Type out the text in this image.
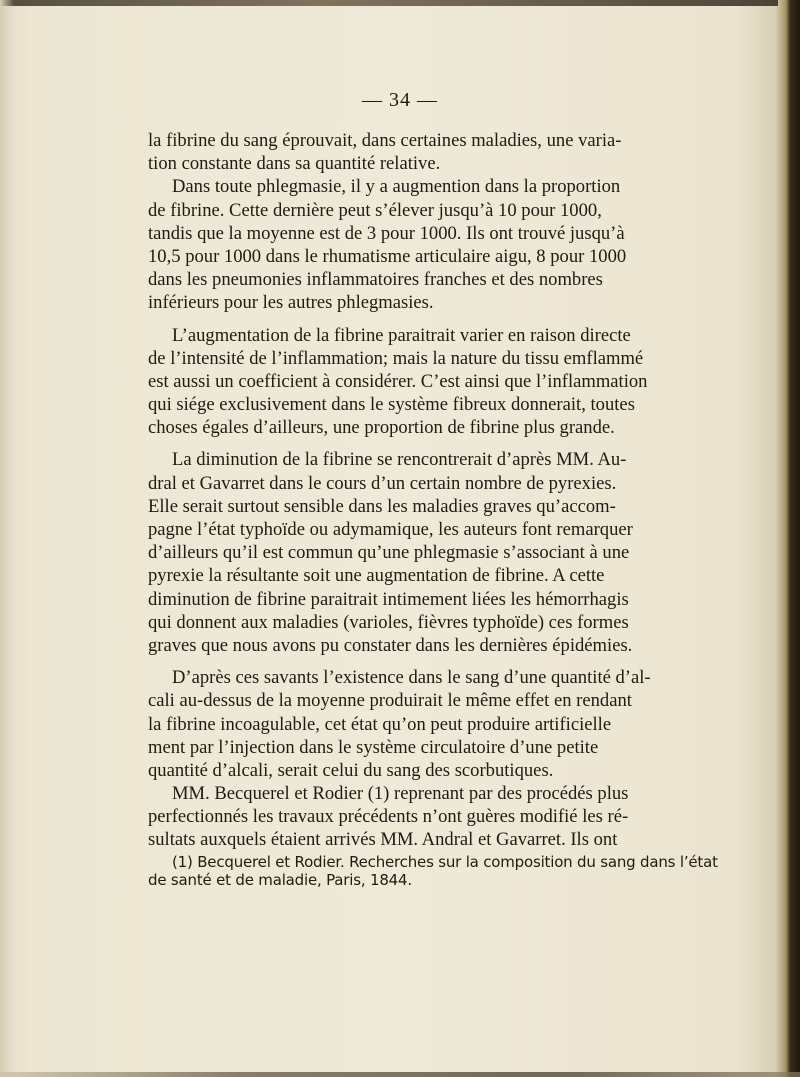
— 34 —
la fibrine du sang éprouvait, dans certaines maladies, une varia-
tion constante dans sa quantité relative.
Dans toute phlegmasie, il y a augmention dans la proportion
de fibrine. Cette dernière peut s’élever jusqu’à 10 pour 1000,
tandis que la moyenne est de 3 pour 1000. Ils ont trouvé jusqu’à
10,5 pour 1000 dans le rhumatisme articulaire aigu, 8 pour 1000
dans les pneumonies inflammatoires franches et des nombres
inférieurs pour les autres phlegmasies.
L’augmentation de la fibrine paraitrait varier en raison directe
de l’intensité de l’inflammation; mais la nature du tissu emflammé
est aussi un coefficient à considérer. C’est ainsi que l’inflammation
qui siége exclusivement dans le système fibreux donnerait, toutes
choses égales d’ailleurs, une proportion de fibrine plus grande.
La diminution de la fibrine se rencontrerait d’après MM. Au-
dral et Gavarret dans le cours d’un certain nombre de pyrexies.
Elle serait surtout sensible dans les maladies graves qu’accom-
pagne l’état typhoïde ou adymamique, les auteurs font remarquer
d’ailleurs qu’il est commun qu’une phlegmasie s’associant à une
pyrexie la résultante soit une augmentation de fibrine. A cette
diminution de fibrine paraitrait intimement liées les hémorrhagis
qui donnent aux maladies (varioles, fièvres typhoïde) ces formes
graves que nous avons pu constater dans les dernières épidémies.
D’après ces savants l’existence dans le sang d’une quantité d’al-
cali au-dessus de la moyenne produirait le même effet en rendant
la fibrine incoagulable, cet état qu’on peut produire artificielle
ment par l’injection dans le système circulatoire d’une petite
quantité d’alcali, serait celui du sang des scorbutiques.
MM. Becquerel et Rodier (1) reprenant par des procédés plus
perfectionnés les travaux précédents n’ont guères modifié les ré-
sultats auxquels étaient arrivés MM. Andral et Gavarret. Ils ont
(1) Becquerel et Rodier. Recherches sur la composition du sang dans l’état
de santé et de maladie, Paris, 1844.
